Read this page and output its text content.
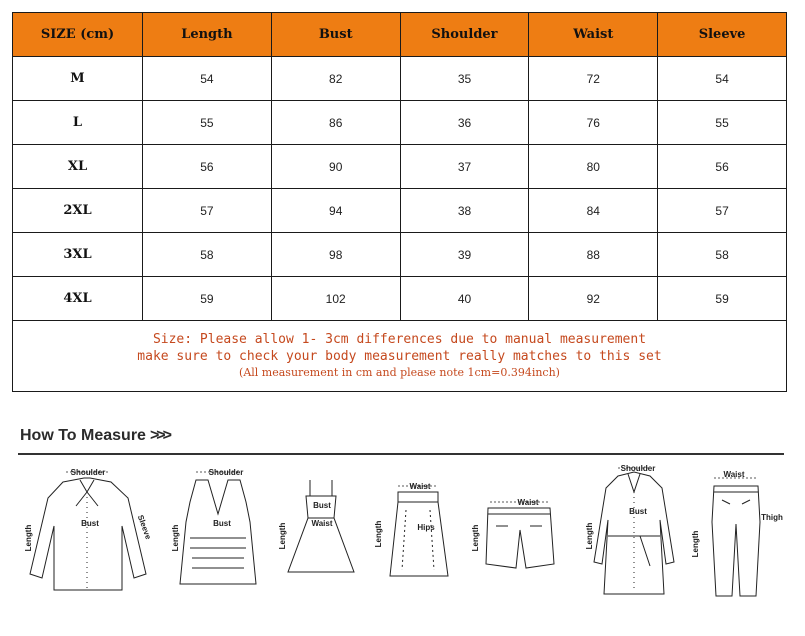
SIZE (cm)	Length	Bust	Shoulder	Waist	Sleeve
M	54	82	35	72	54
L	55	86	36	76	55
XL	56	90	37	80	56
2XL	57	94	38	84	57
3XL	58	98	39	88	58
4XL	59	102	40	92	59

Size: Please allow 1- 3cm differences due to manual measurement
make sure to check your body measurement really matches to this set
(All measurement in cm and please note 1cm=0.394inch)					
How To Measure >>>
Shoulder
Bust
Length	Sleeve
Shoulder
Bust
Length
Bust
Waist
Length
Waist
Hips
Length
Waist
Length
Shoulder
Bust
Length
Waist
Thigh
Length
